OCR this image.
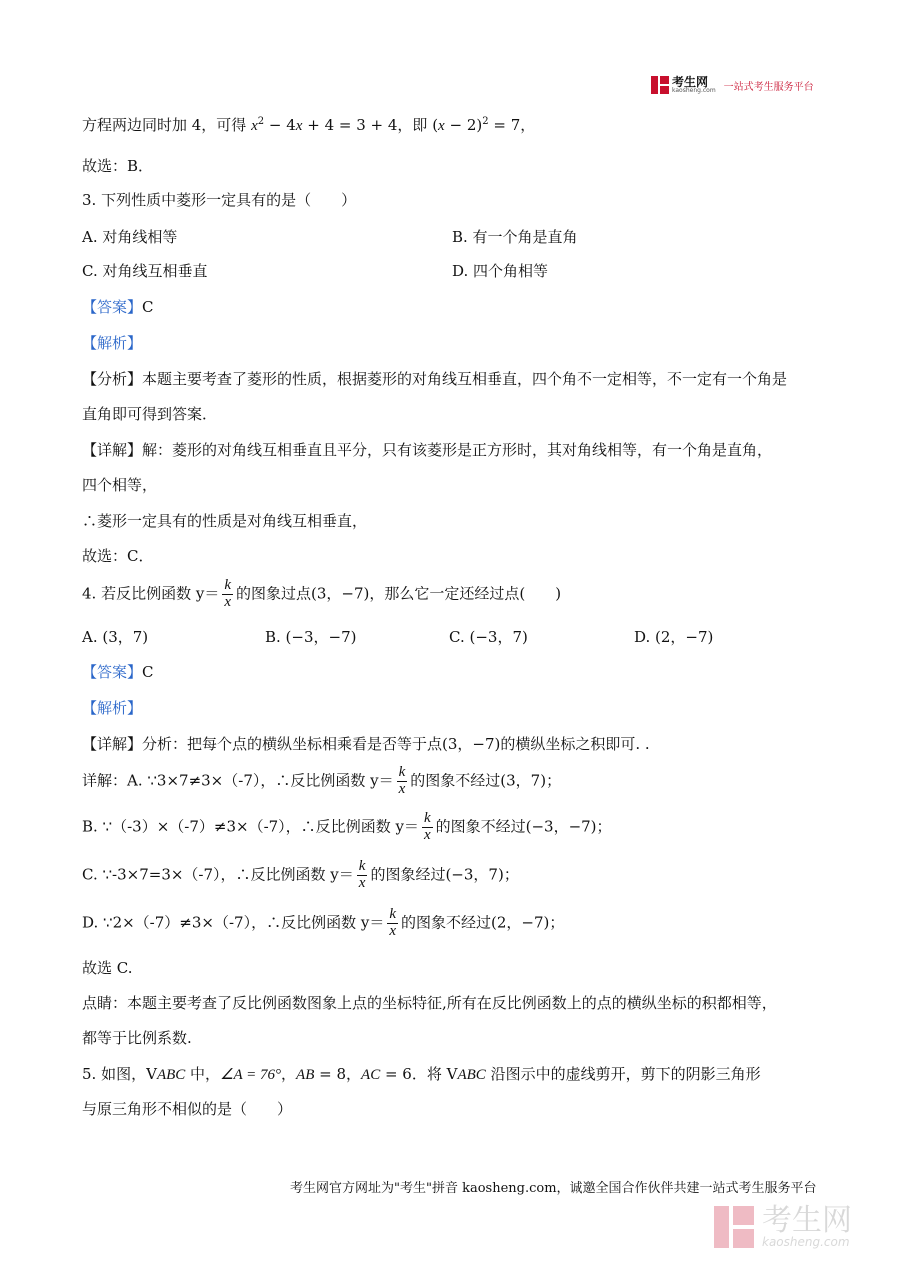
考生网
kaosheng.com 一站式考生服务平台
方程两边同时加 4，可得 $x^2 - 4x + 4 = 3 + 4$，即 $(x - 2)^2 = 7$，
故选：B．
3. 下列性质中菱形一定具有的是（　　）
A. 对角线相等	B. 有一个角是直角
C. 对角线互相垂直	D. 四个角相等
【答案】C
【解析】
【分析】本题主要考查了菱形的性质，根据菱形的对角线互相垂直，四个角不一定相等，不一定有一个角是
直角即可得到答案．
【详解】解：菱形的对角线互相垂直且平分，只有该菱形是正方形时，其对角线相等，有一个角是直角，
四个相等，
∴菱形一定具有的性质是对角线互相垂直，
故选：C．
4. 若反比例函数 $y= \frac{k}{x}$ 的图象过点(3，−7)，那么它一定还经过点(　　)
A. (3，7)	B. (−3，−7)	C. (−3，7)	D. (2，−7)
【答案】C
【解析】
【详解】分析：把每个点的横纵坐标相乘看是否等于点(3，−7)的横纵坐标之积即可. .
详解：A. ∵3×7≠3×（-7），∴反比例函数 $y= \frac{k}{x}$ 的图象不经过(3，7)；
B. ∵（-3）×（-7）≠3×（-7），∴反比例函数 $y= \frac{k}{x}$ 的图象不经过(−3，−7)；
C. ∵-3×7=3×（-7），∴反比例函数 $y= \frac{k}{x}$ 的图象经过(−3，7)；
D. ∵2×（-7）≠3×（-7），∴反比例函数 $y= \frac{k}{x}$ 的图象不经过(2，−7)；
故选 C.
点睛：本题主要考查了反比例函数图象上点的坐标特征,所有在反比例函数上的点的横纵坐标的积都相等，
都等于比例系数.
5. 如图，VABC 中，∠A = 76°，AB = 8，AC = 6．将 VABC 沿图示中的虚线剪开，剪下的阴影三角形
与原三角形不相似的是（　　）
考生网官方网址为"考生"拼音 kaosheng.com，诚邀全国合作伙伴共建一站式考生服务平台
考生网
kaosheng.com
